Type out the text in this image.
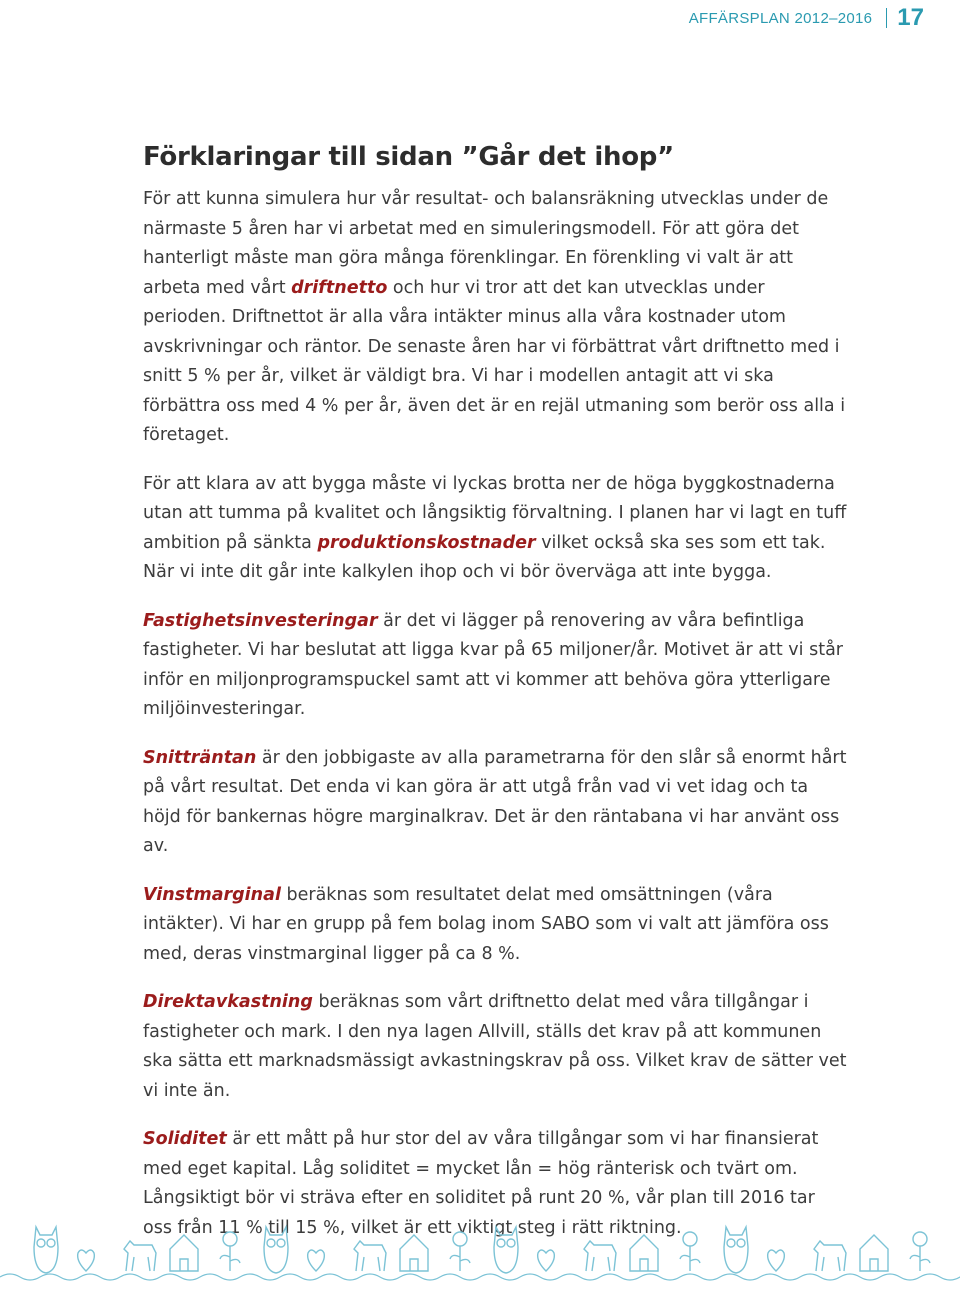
AFFÄRSPLAN 2012–2016 17
Förklaringar till sidan ”Går det ihop”

För att kunna simulera hur vår resultat- och balansräkning utvecklas under de närmaste 5 åren har vi arbetat med en simuleringsmodell. För att göra det hanterligt måste man göra många förenklingar. En förenkling vi valt är att arbeta med vårt driftnetto och hur vi tror att det kan utvecklas under perioden. Driftnettot är alla våra intäkter minus alla våra kostnader utom avskrivningar och räntor. De senaste åren har vi förbättrat vårt driftnetto med i snitt 5 % per år, vilket är väldigt bra. Vi har i modellen antagit att vi ska förbättra oss med 4 % per år, även det är en rejäl utmaning som berör oss alla i företaget.

För att klara av att bygga måste vi lyckas brotta ner de höga byggkostnaderna utan att tumma på kvalitet och långsiktig förvaltning. I planen har vi lagt en tuff ambition på sänkta produktionskostnader vilket också ska ses som ett tak. När vi inte dit går inte kalkylen ihop och vi bör överväga att inte bygga.

Fastighetsinvesteringar är det vi lägger på renovering av våra befintliga fastigheter. Vi har beslutat att ligga kvar på 65 miljoner/år. Motivet är att vi står inför en miljonprogramspuckel samt att vi kommer att behöva göra ytterligare miljöinvesteringar.

Snitträntan är den jobbigaste av alla parametrarna för den slår så enormt hårt på vårt resultat. Det enda vi kan göra är att utgå från vad vi vet idag och ta höjd för bankernas högre marginalkrav. Det är den räntabana vi har använt oss av.

Vinstmarginal beräknas som resultatet delat med omsättningen (våra intäkter). Vi har en grupp på fem bolag inom SABO som vi valt att jämföra oss med, deras vinstmarginal ligger på ca 8 %.

Direktavkastning beräknas som vårt driftnetto delat med våra tillgångar i fastigheter och mark. I den nya lagen Allvill, ställs det krav på att kommunen ska sätta ett marknadsmässigt avkastningskrav på oss. Vilket krav de sätter vet vi inte än.

Soliditet är ett mått på hur stor del av våra tillgångar som vi har finansierat med eget kapital. Låg soliditet = mycket lån = hög ränterisk och tvärt om. Långsiktigt bör vi sträva efter en soliditet på runt 20 %, vår plan till 2016 tar oss från 11 % till 15 %, vilket är ett viktigt steg i rätt riktning.
